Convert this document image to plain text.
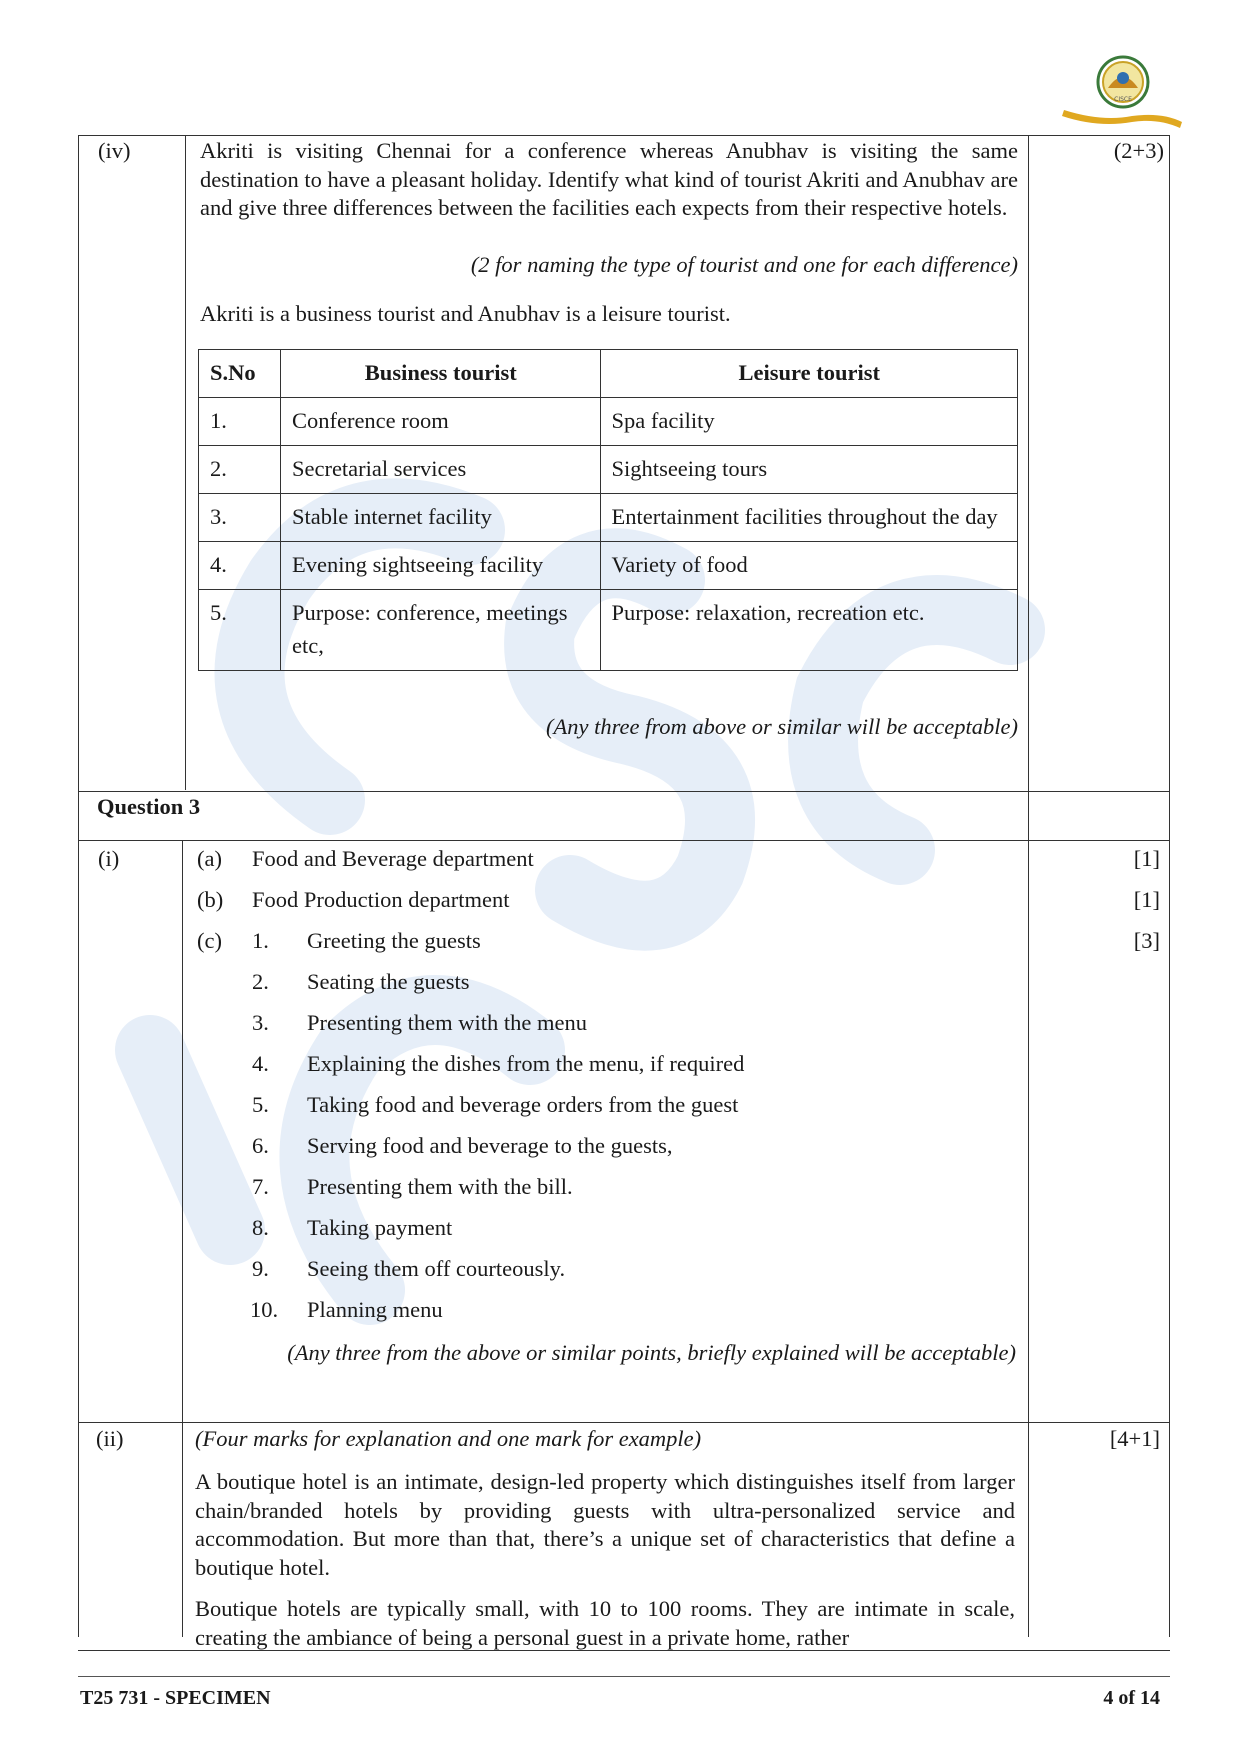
CISCE
(iv)	(2+3)
Akriti is visiting Chennai for a conference whereas Anubhav is visiting the same destination to have a pleasant holiday. Identify what kind of tourist Akriti and Anubhav are and give three differences between the facilities each expects from their respective hotels.
(2 for naming the type of tourist and one for each difference)
Akriti is a business tourist and Anubhav is a leisure tourist.
S.No	Business tourist	Leisure tourist
1.	Conference room	Spa facility
2.	Secretarial services	Sightseeing tours
3.	Stable internet facility	Entertainment facilities throughout the day
4.	Evening sightseeing facility	Variety of food
5.	Purpose: conference, meetings etc,	Purpose: relaxation, recreation etc.
(Any three from above or similar will be acceptable)
Question 3
(i)	(a) Food and Beverage department	[1]
(b) Food Production department	[1]
(c)	[3]
1.	Greeting the guests
2.	Seating the guests
3.	Presenting them with the menu
4.	Explaining the dishes from the menu, if required
5.	Taking food and beverage orders from the guest
6.	Serving food and beverage to the guests,
7.	Presenting them with the bill.
8.	Taking payment
9.	Seeing them off courteously.
10.	Planning menu
(Any three from the above or similar points, briefly explained will be acceptable)
(ii)	(Four marks for explanation and one mark for example)	[4+1]
A boutique hotel is an intimate, design-led property which distinguishes itself from larger chain/branded hotels by providing guests with ultra-personalized service and accommodation. But more than that, there’s a unique set of characteristics that define a boutique hotel.
Boutique hotels are typically small, with 10 to 100 rooms. They are intimate in scale, creating the ambiance of being a personal guest in a private home, rather
T25 731 - SPECIMEN	4 of 14
